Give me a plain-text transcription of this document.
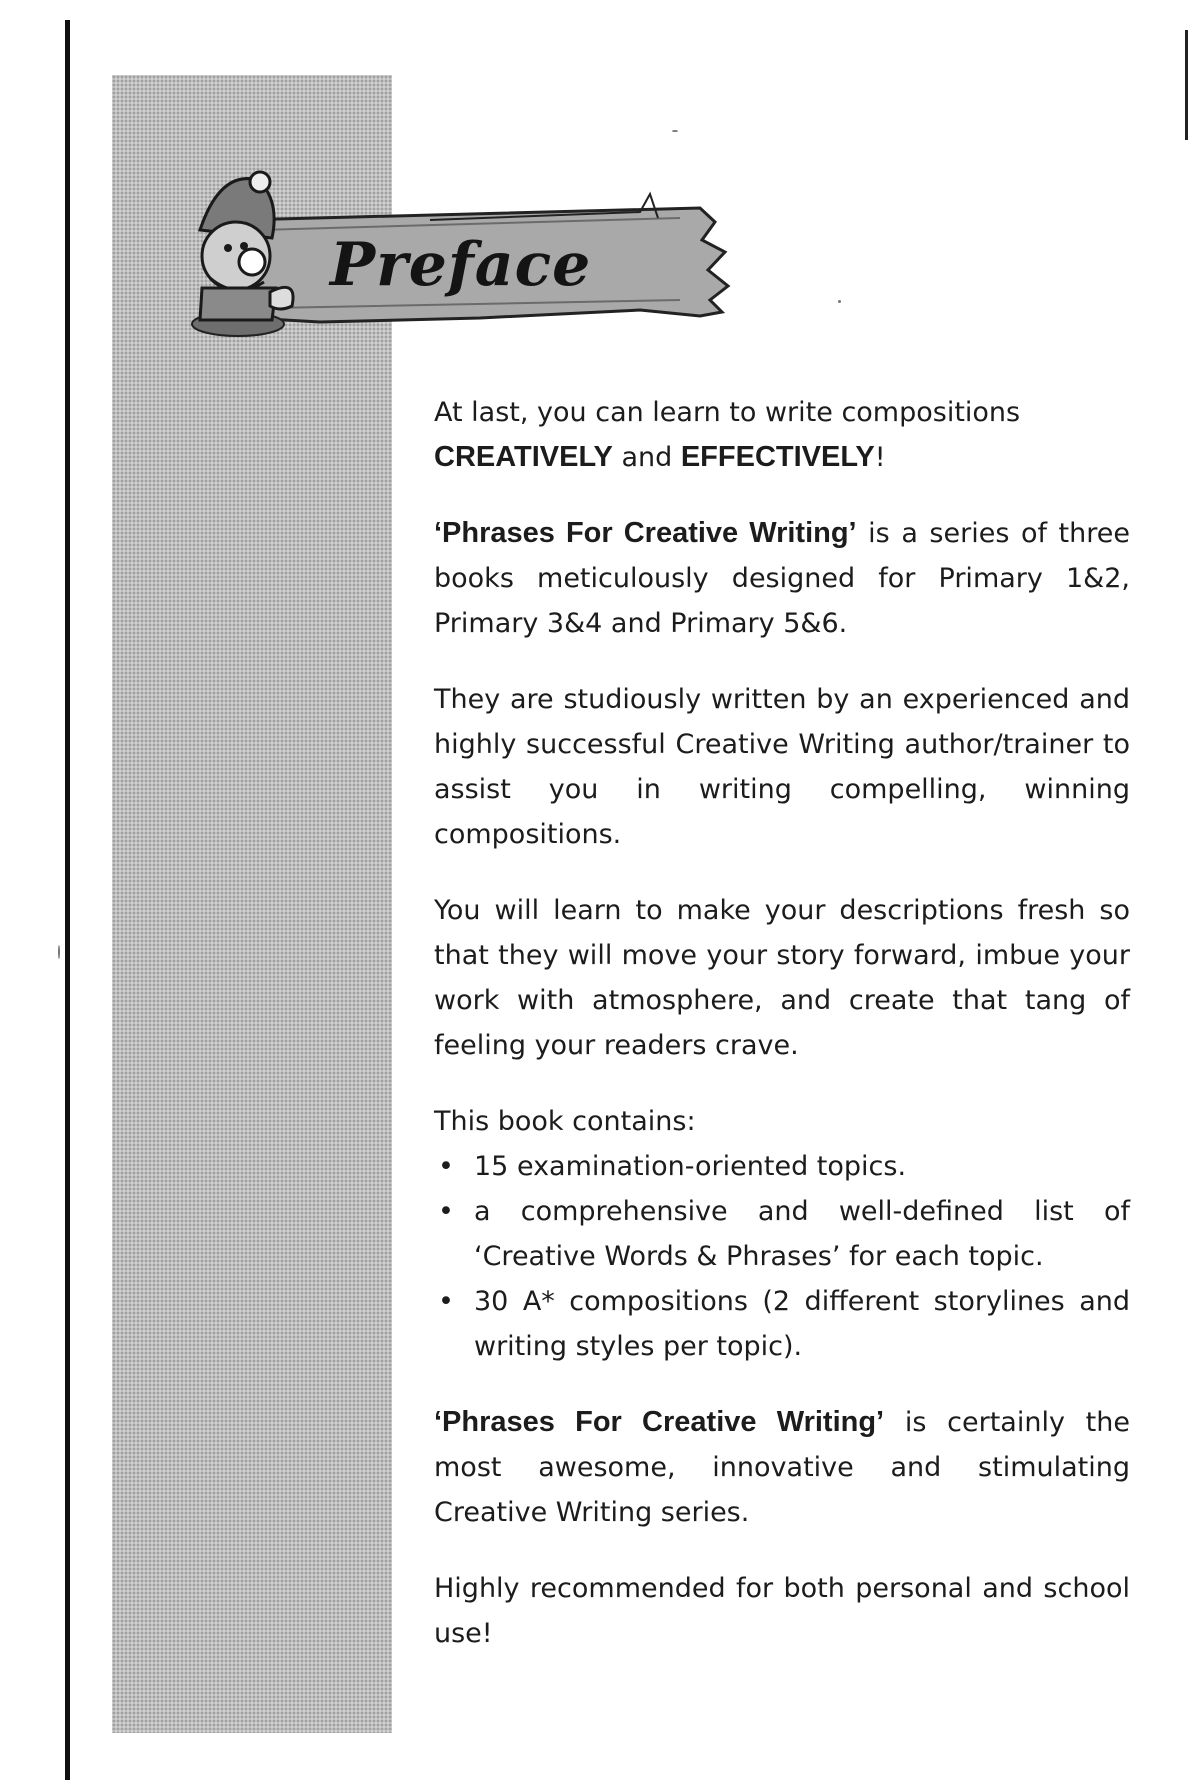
Preface

At last, you can learn to write compositions
CREATIVELY and EFFECTIVELY!

‘Phrases For Creative Writing’ is a series of three books meticulously designed for Primary 1&2, Primary 3&4 and Primary 5&6.

They are studiously written by an experienced and highly successful Creative Writing author/trainer to assist you in writing compelling, winning compositions.

You will learn to make your descriptions fresh so that they will move your story forward, imbue your work with atmosphere, and create that tang of feeling your readers crave.

This book contains:

• 15 examination-oriented topics.
• a comprehensive and well-defined list of ‘Creative Words & Phrases’ for each topic.
• 30 A* compositions (2 different storylines and writing styles per topic).

‘Phrases For Creative Writing’ is certainly the most awesome, innovative and stimulating Creative Writing series.

Highly recommended for both personal and school use!
